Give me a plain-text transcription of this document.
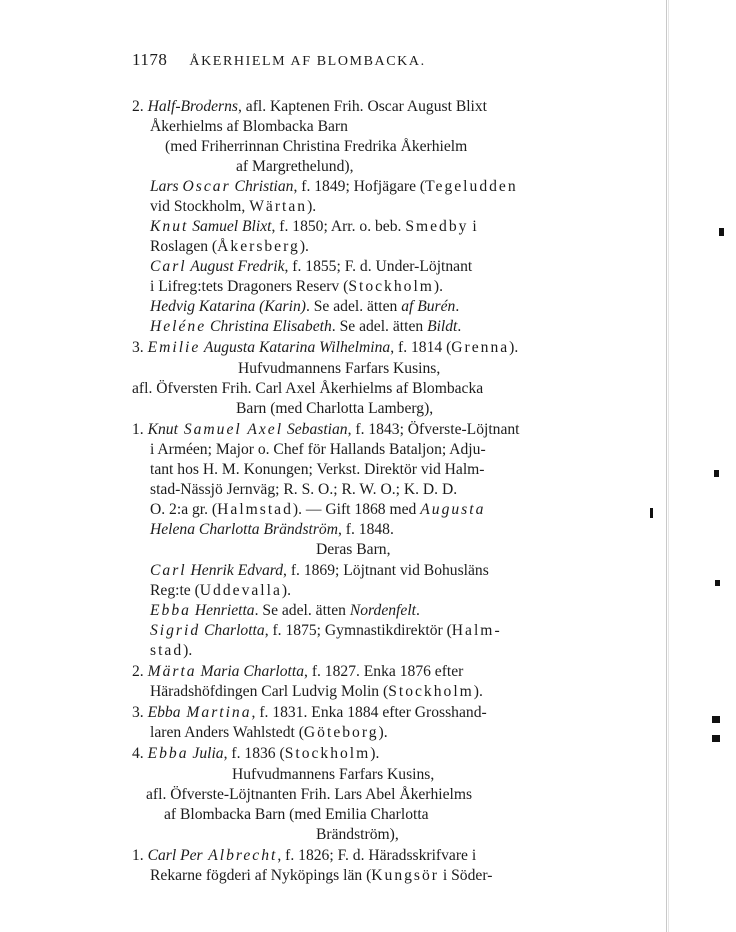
1178 ÅKERHIELM AF BLOMBACKA.
2. Half-Broderns, afl. Kaptenen Frih. Oscar August Blixt
Åkerhielms af Blombacka Barn
(med Friherrinnan Christina Fredrika Åkerhielm
af Margrethelund),
Lars Oscar Christian, f. 1849; Hofjägare (Tegeludden
vid Stockholm, Wärtan).
Knut Samuel Blixt, f. 1850; Arr. o. beb. Smedby i
Roslagen (Åkersberg).
Carl August Fredrik, f. 1855; F. d. Under-Löjtnant
i Lifreg:tets Dragoners Reserv (Stockholm).
Hedvig Katarina (Karin). Se adel. ätten af Burén.
Heléne Christina Elisabeth. Se adel. ätten Bildt.
3. Emilie Augusta Katarina Wilhelmina, f. 1814 (Grenna).
Hufvudmannens Farfars Kusins,
afl. Öfversten Frih. Carl Axel Åkerhielms af Blombacka
Barn (med Charlotta Lamberg),
1. Knut Samuel Axel Sebastian, f. 1843; Öfverste-Löjtnant
i Arméen; Major o. Chef för Hallands Bataljon; Adju-
tant hos H. M. Konungen; Verkst. Direktör vid Halm-
stad-Nässjö Jernväg; R. S. O.; R. W. O.; K. D. D.
O. 2:a gr. (Halmstad). — Gift 1868 med Augusta
Helena Charlotta Brändström, f. 1848.
Deras Barn,
Carl Henrik Edvard, f. 1869; Löjtnant vid Bohusläns
Reg:te (Uddevalla).
Ebba Henrietta. Se adel. ätten Nordenfelt.
Sigrid Charlotta, f. 1875; Gymnastikdirektör (Halm-
stad).
2. Märta Maria Charlotta, f. 1827. Enka 1876 efter
Häradshöfdingen Carl Ludvig Molin (Stockholm).
3. Ebba Martina, f. 1831. Enka 1884 efter Grosshand-
laren Anders Wahlstedt (Göteborg).
4. Ebba Julia, f. 1836 (Stockholm).
Hufvudmannens Farfars Kusins,
afl. Öfverste-Löjtnanten Frih. Lars Abel Åkerhielms
af Blombacka Barn (med Emilia Charlotta
Brändström),
1. Carl Per Albrecht, f. 1826; F. d. Häradsskrifvare i
Rekarne fögderi af Nyköpings län (Kungsör i Söder-
